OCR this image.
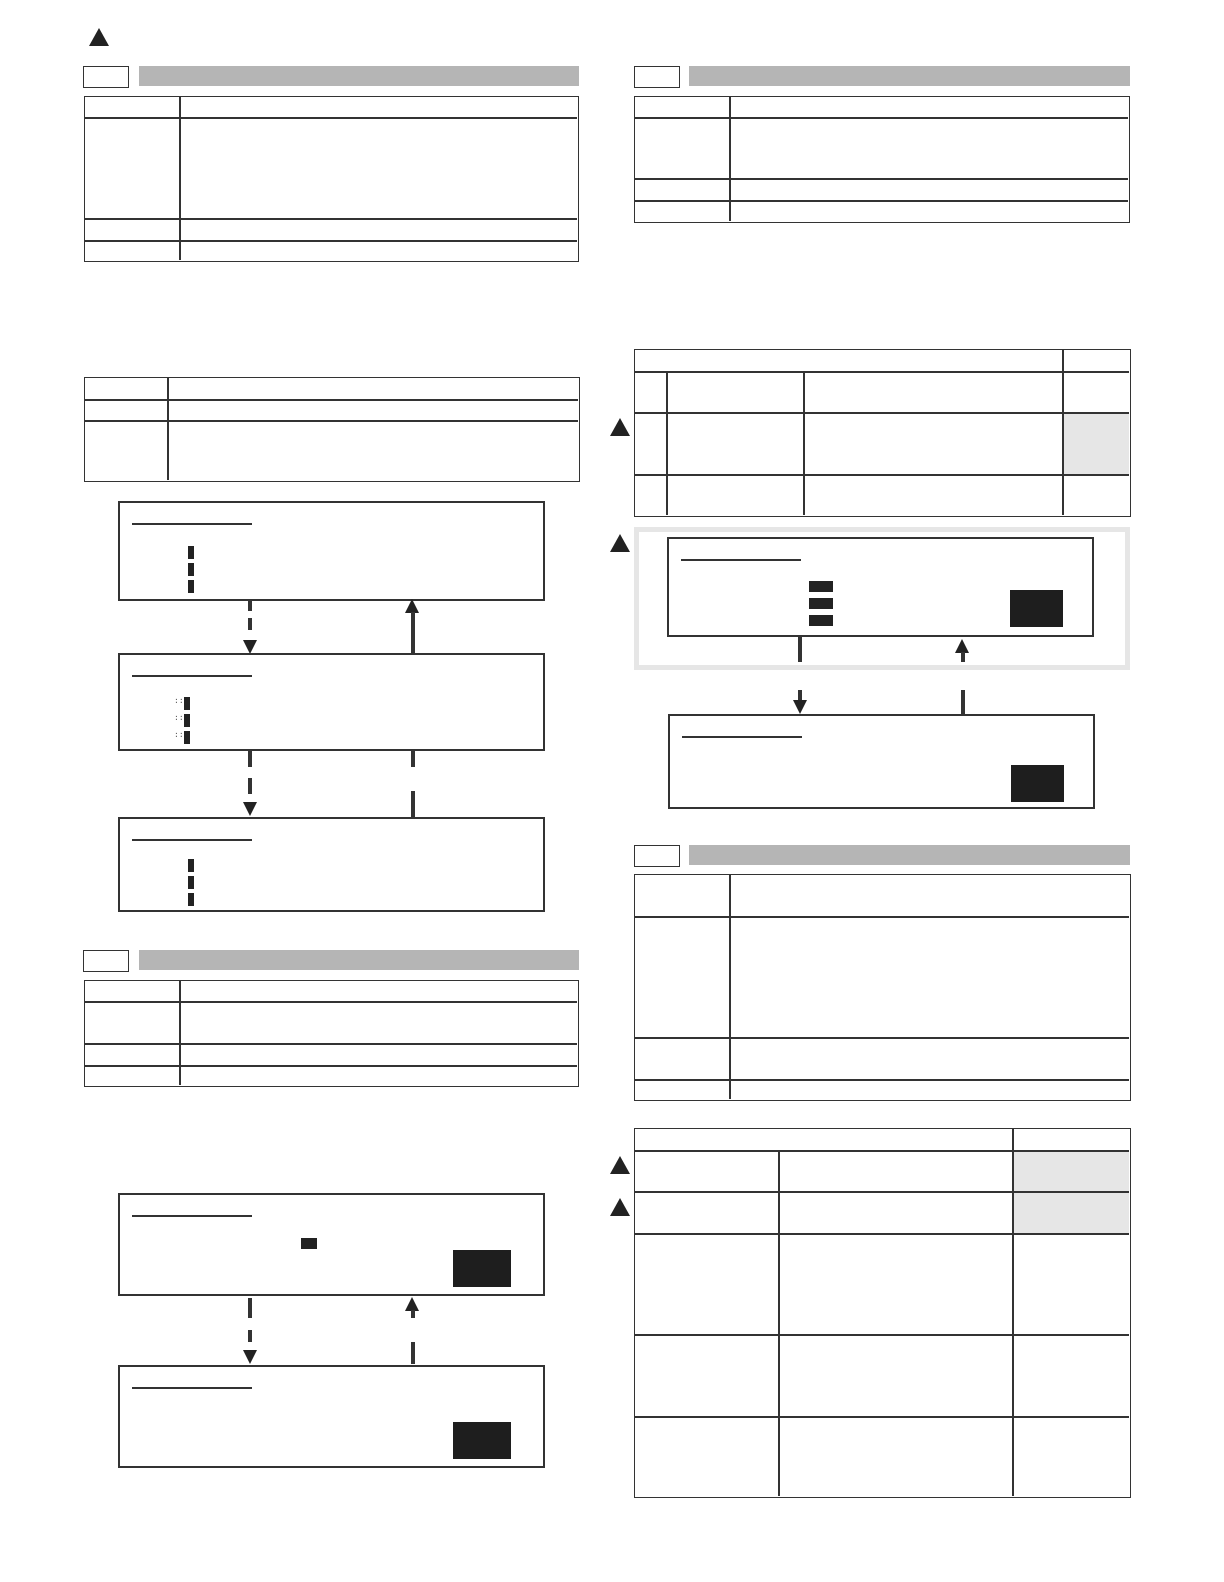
::
::
::
